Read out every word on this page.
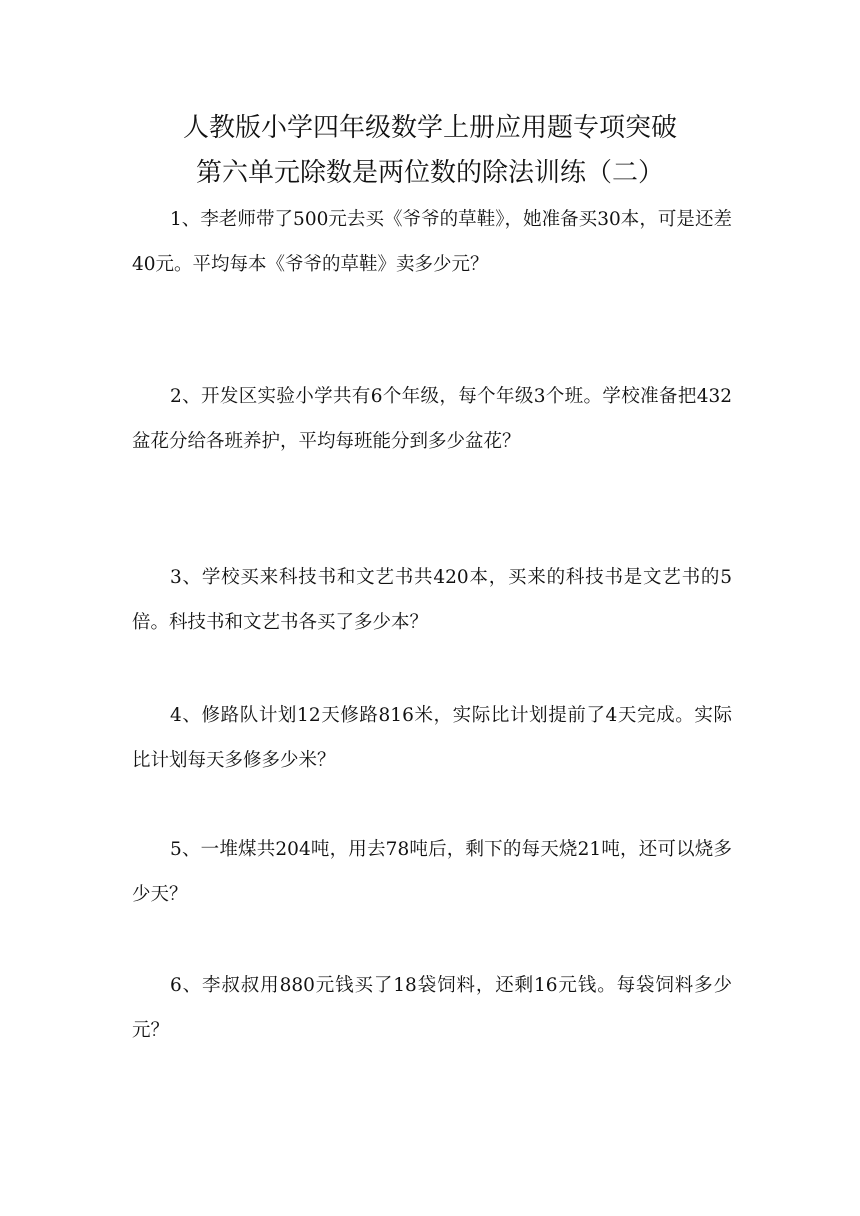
人教版小学四年级数学上册应用题专项突破
第六单元除数是两位数的除法训练（二）
1、李老师带了500元去买《爷爷的草鞋》，她准备买30本，可是还差40元。平均每本《爷爷的草鞋》卖多少元？
2、开发区实验小学共有6个年级，每个年级3个班。学校准备把432盆花分给各班养护，平均每班能分到多少盆花？
3、学校买来科技书和文艺书共420本，买来的科技书是文艺书的5倍。科技书和文艺书各买了多少本？
4、修路队计划12天修路816米，实际比计划提前了4天完成。实际比计划每天多修多少米？
5、一堆煤共204吨，用去78吨后，剩下的每天烧21吨，还可以烧多少天？
6、李叔叔用880元钱买了18袋饲料，还剩16元钱。每袋饲料多少元？
